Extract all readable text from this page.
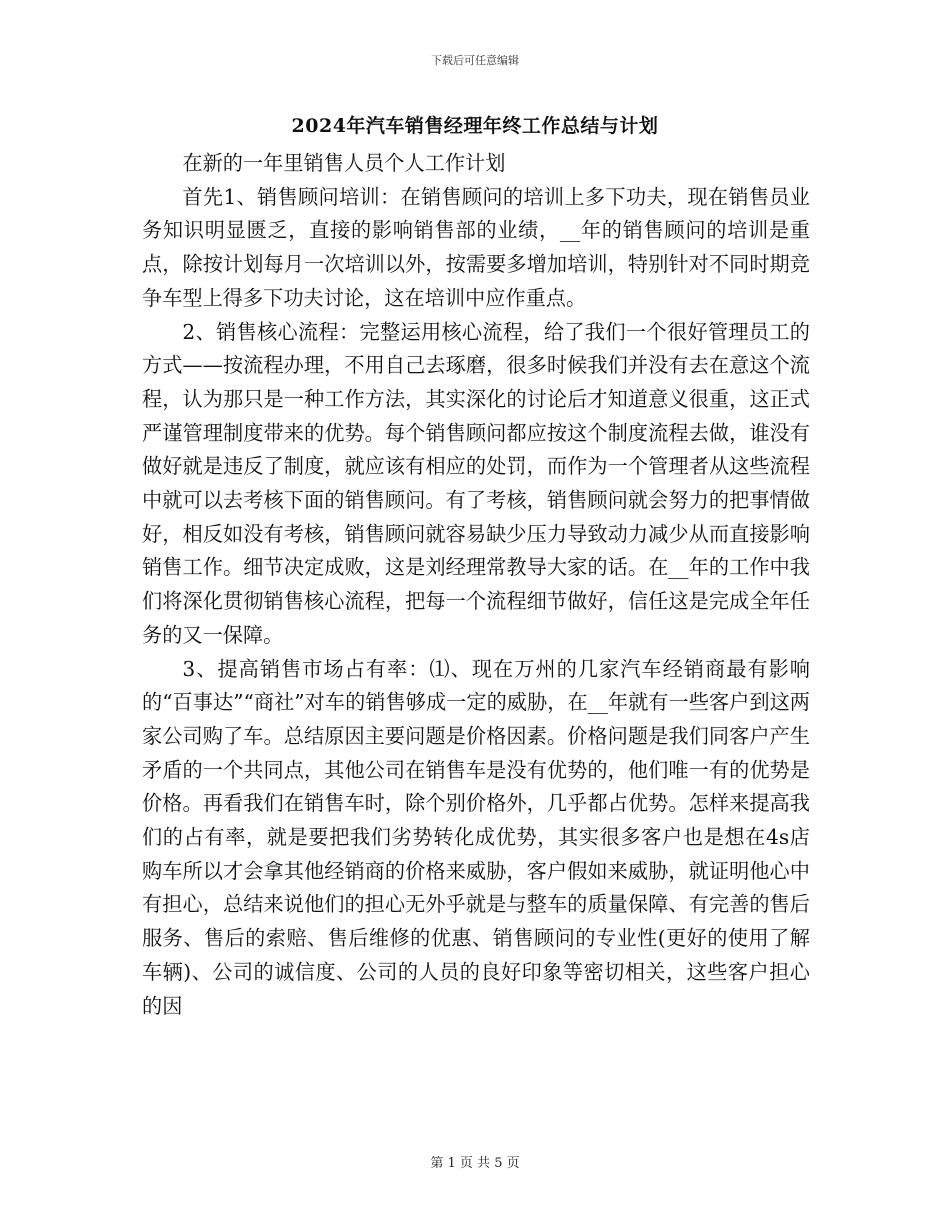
下载后可任意编辑
2024年汽车销售经理年终工作总结与计划

在新的一年里销售人员个人工作计划

首先1、销售顾问培训：在销售顾问的培训上多下功夫，现在销售员业务知识明显匮乏，直接的影响销售部的业绩，__年的销售顾问的培训是重点，除按计划每月一次培训以外，按需要多增加培训，特别针对不同时期竞争车型上得多下功夫讨论，这在培训中应作重点。

2、销售核心流程：完整运用核心流程，给了我们一个很好管理员工的方式——按流程办理，不用自己去琢磨，很多时候我们并没有去在意这个流程，认为那只是一种工作方法，其实深化的讨论后才知道意义很重，这正式严谨管理制度带来的优势。每个销售顾问都应按这个制度流程去做，谁没有做好就是违反了制度，就应该有相应的处罚，而作为一个管理者从这些流程中就可以去考核下面的销售顾问。有了考核，销售顾问就会努力的把事情做好，相反如没有考核，销售顾问就容易缺少压力导致动力减少从而直接影响销售工作。细节决定成败，这是刘经理常教导大家的话。在__年的工作中我们将深化贯彻销售核心流程，把每一个流程细节做好，信任这是完成全年任务的又一保障。

3、提高销售市场占有率：⑴、现在万州的几家汽车经销商最有影响的“百事达”“商社”对车的销售够成一定的威胁，在__年就有一些客户到这两家公司购了车。总结原因主要问题是价格因素。价格问题是我们同客户产生矛盾的一个共同点，其他公司在销售车是没有优势的，他们唯一有的优势是价格。再看我们在销售车时，除个别价格外，几乎都占优势。怎样来提高我们的占有率，就是要把我们劣势转化成优势，其实很多客户也是想在4s店购车所以才会拿其他经销商的价格来威胁，客户假如来威胁，就证明他心中有担心，总结来说他们的担心无外乎就是与整车的质量保障、有完善的售后服务、售后的索赔、售后维修的优惠、销售顾问的专业性(更好的使用了解车辆)、公司的诚信度、公司的人员的良好印象等密切相关，这些客户担心的因

第 1 页 共 5 页
